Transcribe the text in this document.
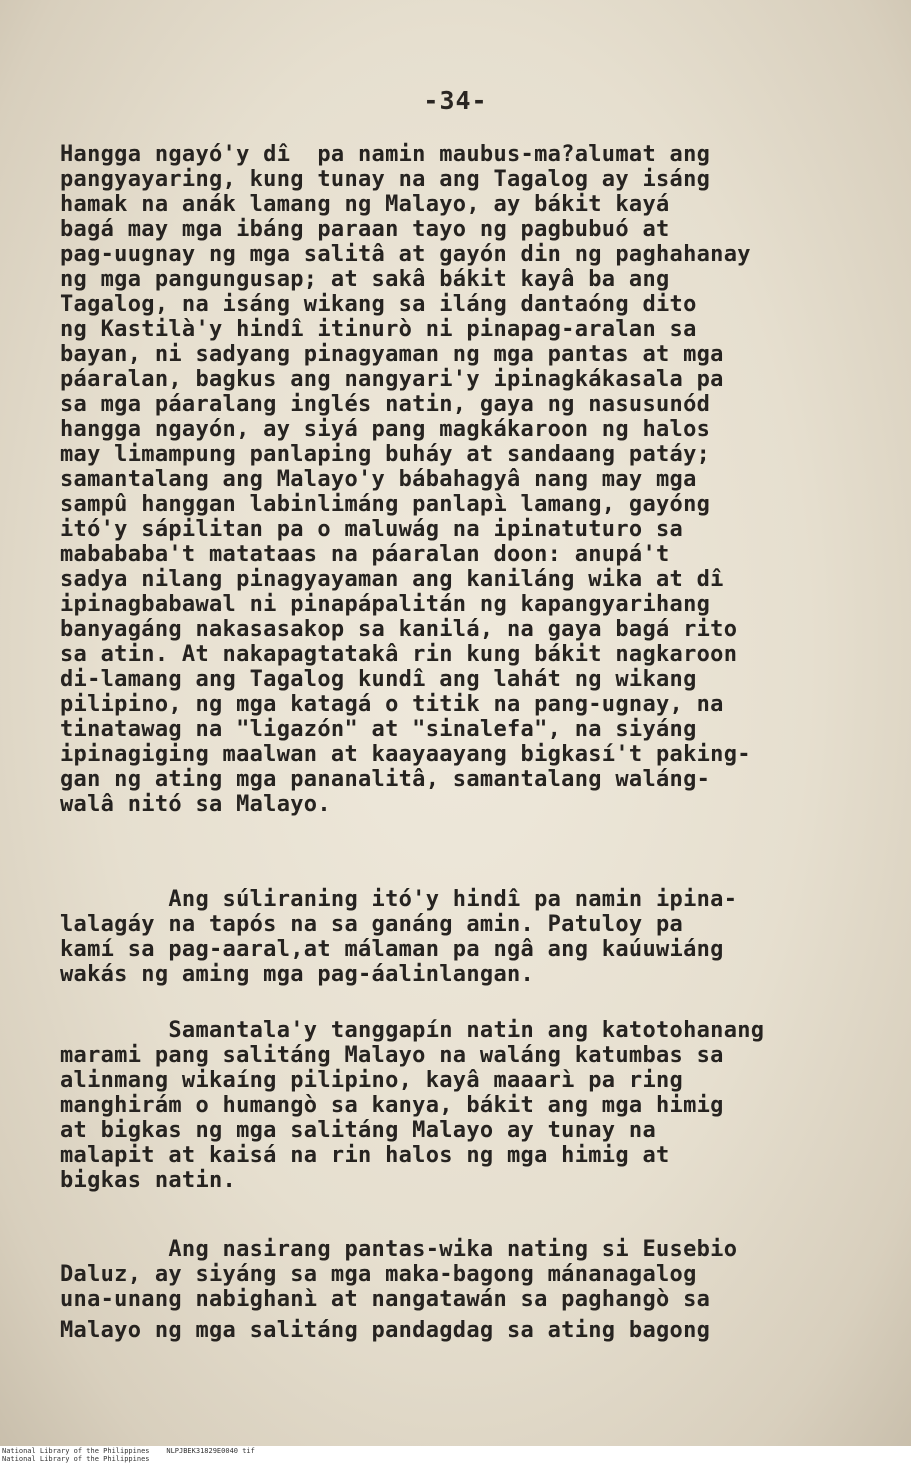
-34-

Hangga ngayó'y dî  pa namin maubus-ma?alumat ang

pangyayaring, kung tunay na ang Tagalog ay isáng

hamak na anák lamang ng Malayo, ay bákit kayá

bagá may mga ibáng paraan tayo ng pagbubuó at

pag-uugnay ng mga salitâ at gayón din ng paghahanay

ng mga pangungusap; at sakâ bákit kayâ ba ang

Tagalog, na isáng wikang sa iláng dantaóng dito

ng Kastilà'y hindî itinurò ni pinapag-aralan sa

bayan, ni sadyang pinagyaman ng mga pantas at mga

páaralan, bagkus ang nangyari'y ipinagkákasala pa

sa mga páaralang inglés natin, gaya ng nasusunód

hangga ngayón, ay siyá pang magkákaroon ng halos

may limampung panlaping buháy at sandaang patáy;

samantalang ang Malayo'y bábahagyâ nang may mga

sampû hanggan labinlimáng panlapì lamang, gayóng

itó'y sápilitan pa o maluwág na ipinatuturo sa

mabababa't matataas na páaralan doon: anupá't

sadya nilang pinagyayaman ang kaniláng wika at dî

ipinagbabawal ni pinapápalitán ng kapangyarihang

banyagáng nakasasakop sa kanilá, na gaya bagá rito

sa atin. At nakapagtatakâ rin kung bákit nagkaroon

di-lamang ang Tagalog kundî ang lahát ng wikang

pilipino, ng mga katagá o titik na pang-ugnay, na

tinatawag na "ligazón" at "sinalefa", na siyáng

ipinagiging maalwan at kaayaayang bigkasí't paking-

gan ng ating mga pananalitâ, samantalang waláng-

walâ nitó sa Malayo.

Ang súliraning itó'y hindî pa namin ipina-

lalagáy na tapós na sa ganáng amin. Patuloy pa

kamí sa pag-aaral,at málaman pa ngâ ang kaúuwiáng

wakás ng aming mga pag-áalinlangan.

Samantala'y tanggapín natin ang katotohanang

marami pang salitáng Malayo na waláng katumbas sa

alinmang wikaíng pilipino, kayâ maaarì pa ring

manghirám o humangò sa kanya, bákit ang mga himig

at bigkas ng mga salitáng Malayo ay tunay na

malapit at kaisá na rin halos ng mga himig at

bigkas natin.

Ang nasirang pantas-wika nating si Eusebio

Daluz, ay siyáng sa mga maka-bagong mánanagalog

una-unang nabighanì at nangatawán sa paghangò sa

Malayo ng mga salitáng pandagdag sa ating bagong

National Library of the Philippines    NLPJBEK31829E0040 tif

National Library of the Philippines
